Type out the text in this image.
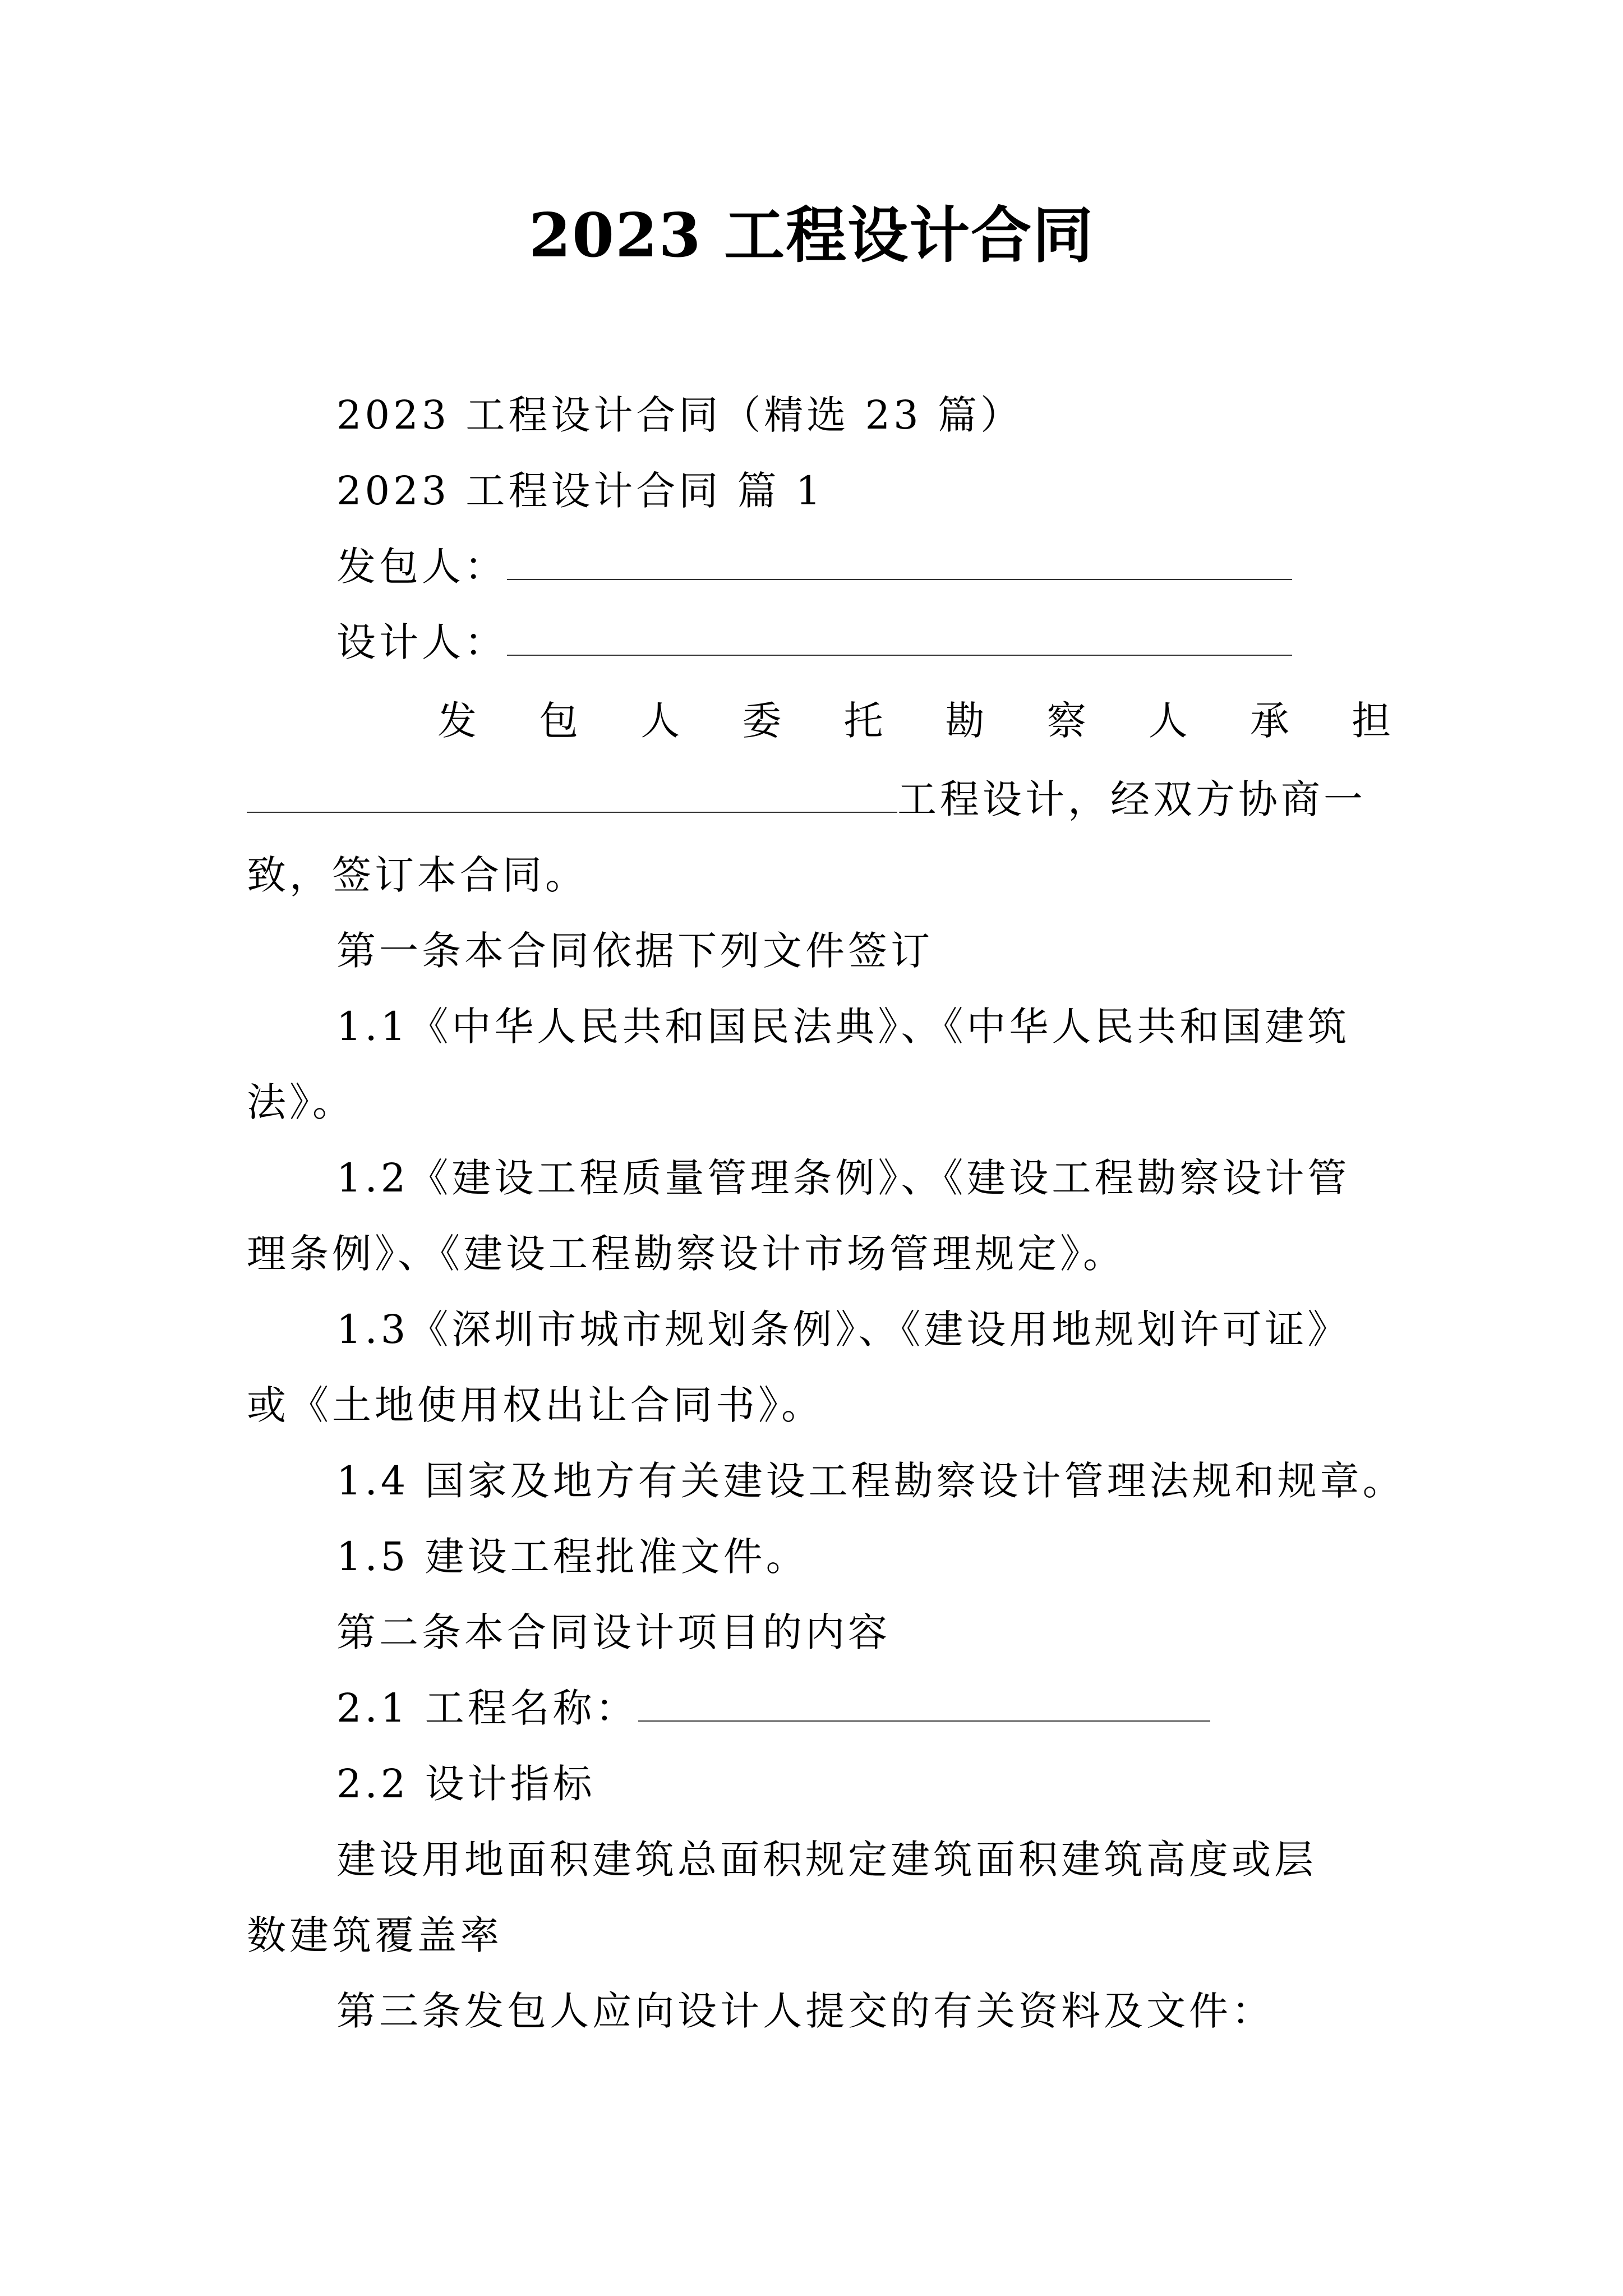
2023 工程设计合同
2023 工程设计合同（精选 23 篇）
2023 工程设计合同 篇 1
发包人：
设计人：
发 包 人 委 托 勘 察 人 承 担
工程设计，经双方协商一
致，签订本合同。
第一条本合同依据下列文件签订
1.1《中华人民共和国民法典》、《中华人民共和国建筑
法》。
1.2《建设工程质量管理条例》、《建设工程勘察设计管
理条例》、《建设工程勘察设计市场管理规定》。
1.3《深圳市城市规划条例》、《建设用地规划许可证》
或《土地使用权出让合同书》。
1.4 国家及地方有关建设工程勘察设计管理法规和规章。
1.5 建设工程批准文件。
第二条本合同设计项目的内容
2.1 工程名称：
2.2 设计指标
建设用地面积建筑总面积规定建筑面积建筑高度或层
数建筑覆盖率
第三条发包人应向设计人提交的有关资料及文件：
